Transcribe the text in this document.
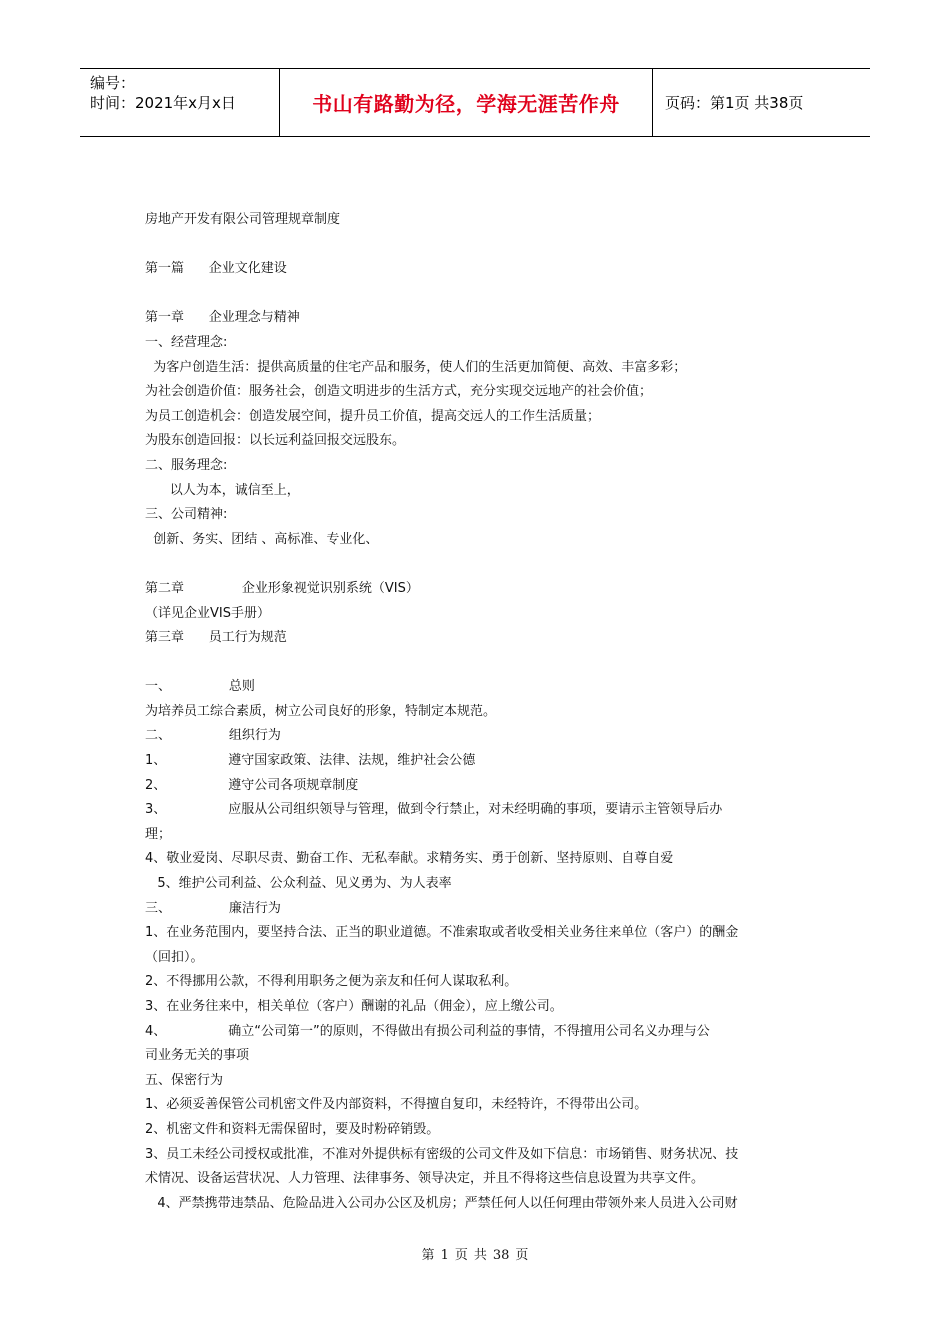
编号：
时间：2021年x月x日	书山有路勤为径，学海无涯苦作舟	页码：第1页 共38页

房地产开发有限公司管理规章制度

第一篇      企业文化建设

第一章      企业理念与精神

一、经营理念:

为客户创造生活：提供高质量的住宅产品和服务，使人们的生活更加简便、高效、丰富多彩；

为社会创造价值：服务社会，创造文明进步的生活方式，充分实现交远地产的社会价值；

为员工创造机会：创造发展空间，提升员工价值，提高交远人的工作生活质量；

为股东创造回报：以长远利益回报交远股东。

二、服务理念:

以人为本，诚信至上，

三、公司精神:

创新、务实、团结 、高标准、专业化、

第二章              企业形象视觉识别系统（VIS）

（详见企业VIS手册）

第三章      员工行为规范

一、              总则

为培养员工综合素质，树立公司良好的形象，特制定本规范。

二、              组织行为

1、               遵守国家政策、法律、法规，维护社会公德

2、               遵守公司各项规章制度

3、               应服从公司组织领导与管理，做到令行禁止，对未经明确的事项，要请示主管领导后办

理；

4、敬业爱岗、尽职尽责、勤奋工作、无私奉献。求精务实、勇于创新、坚持原则、自尊自爱

5、维护公司利益、公众利益、见义勇为、为人表率

三、              廉洁行为

1、在业务范围内，要坚持合法、正当的职业道德。不准索取或者收受相关业务往来单位（客户）的酬金

（回扣）。

2、不得挪用公款，不得利用职务之便为亲友和任何人谋取私利。

3、在业务往来中，相关单位（客户）酬谢的礼品（佣金），应上缴公司。

4、               确立“公司第一”的原则，不得做出有损公司利益的事情，不得擅用公司名义办理与公

司业务无关的事项

五、保密行为

1、必须妥善保管公司机密文件及内部资料，不得擅自复印，未经特许，不得带出公司。

2、机密文件和资料无需保留时，要及时粉碎销毁。

3、员工未经公司授权或批准，不准对外提供标有密级的公司文件及如下信息：市场销售、财务状况、技

术情况、设备运营状况、人力管理、法律事务、领导决定，并且不得将这些信息设置为共享文件。

4、严禁携带违禁品、危险品进入公司办公区及机房；严禁任何人以任何理由带领外来人员进入公司财

第 1 页 共 38 页
